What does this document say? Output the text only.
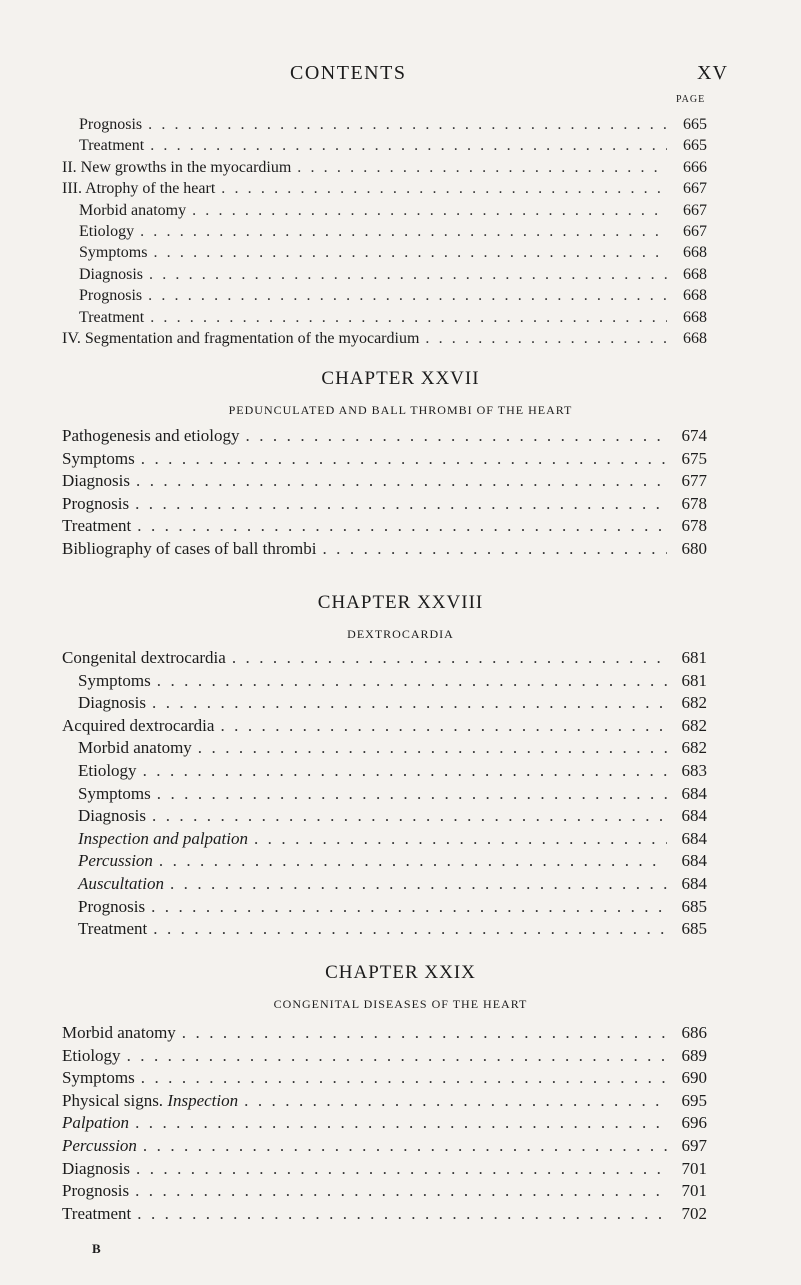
CONTENTS	XV
PAGE
Prognosis . . .	665
Treatment . . .	665
II. New growths in the myocardium . . .	666
III. Atrophy of the heart . . .	667
Morbid anatomy . . .	667
Etiology . . .	667
Symptoms . . .	668
Diagnosis . . .	668
Prognosis . . .	668
Treatment . . .	668
IV. Segmentation and fragmentation of the myocardium . . .	668
CHAPTER XXVII
PEDUNCULATED AND BALL THROMBI OF THE HEART
Pathogenesis and etiology . . .	674
Symptoms . . .	675
Diagnosis . . .	677
Prognosis . . .	678
Treatment . . .	678
Bibliography of cases of ball thrombi . . .	680
CHAPTER XXVIII
DEXTROCARDIA
Congenital dextrocardia . . .	681
Symptoms . . .	681
Diagnosis . . .	682
Acquired dextrocardia . . .	682
Morbid anatomy . . .	682
Etiology . . .	683
Symptoms . . .	684
Diagnosis . . .	684
Inspection and palpation . . .	684
Percussion . . .	684
Auscultation . . .	684
Prognosis . . .	685
Treatment . . .	685
CHAPTER XXIX
CONGENITAL DISEASES OF THE HEART
Morbid anatomy . . .	686
Etiology . . .	689
Symptoms . . .	690
Physical signs. Inspection . . .	695
Palpation . . .	696
Percussion . . .	697
Diagnosis . . .	701
Prognosis . . .	701
Treatment . . .	702
B
